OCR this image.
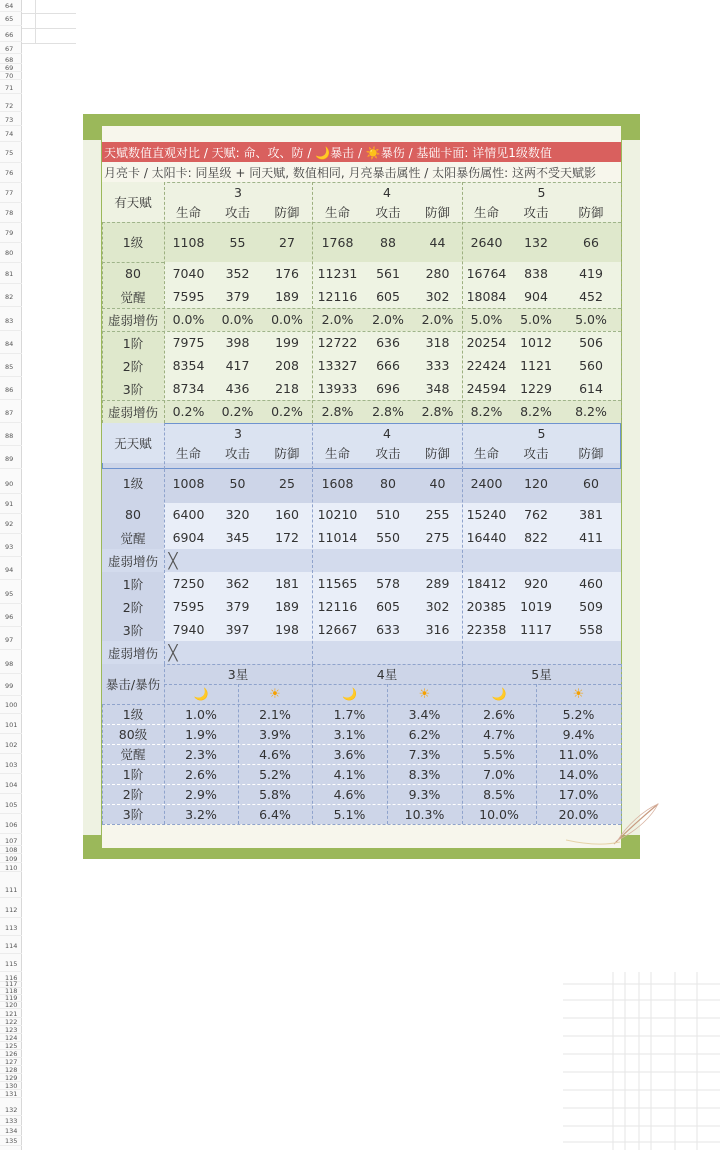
64
65
66
67
68
69
70
71
72
73
74
75
76
77
78
79
80
81
82
83
84
85
86
87
88
89
90
91
92
93
94
95
96
97
98
99
100
101
102
103
104
105
106
107
108
109
110
111
112
113
114
115
116
117
118
119
120
121
122
123
124
125
126
127
128
129
130
131
132
133
134
135
天赋数值直观对比 / 天赋: 命、攻、防 / 🌙暴击 / ☀️暴伤 / 基础卡面: 详情见1级数值
月亮卡 / 太阳卡: 同星级 + 同天赋, 数值相同, 月亮暴击属性 / 太阳暴伤属性: 这两不受天赋影
有天赋
3	4	5
生命	攻击	防御	生命	攻击	防御	生命	攻击	防御
1级	1108	55	27	1768	88	44	2640	132	66
80	7040	352	176	11231	561	280	16764	838	419
觉醒	7595	379	189	12116	605	302	18084	904	452
虚弱增伤	0.0%	0.0%	0.0%	2.0%	2.0%	2.0%	5.0%	5.0%	5.0%
1阶	7975	398	199	12722	636	318	20254	1012	506
2阶	8354	417	208	13327	666	333	22424	1121	560
3阶	8734	436	218	13933	696	348	24594	1229	614
虚弱增伤	0.2%	0.2%	0.2%	2.8%	2.8%	2.8%	8.2%	8.2%	8.2%
无天赋
3	4	5
生命	攻击	防御	生命	攻击	防御	生命	攻击	防御
1级	1008	50	25	1608	80	40	2400	120	60
80	6400	320	160	10210	510	255	15240	762	381
觉醒	6904	345	172	11014	550	275	16440	822	411
虚弱增伤 ╳
1阶	7250	362	181	11565	578	289	18412	920	460
2阶	7595	379	189	12116	605	302	20385	1019	509
3阶	7940	397	198	12667	633	316	22358	1117	558
虚弱增伤 ╳
暴击/暴伤
3星	4星	5星
🌙	☀	🌙	☀	🌙	☀
1级	1.0%	2.1%	1.7%	3.4%	2.6%	5.2%
80级	1.9%	3.9%	3.1%	6.2%	4.7%	9.4%
觉醒	2.3%	4.6%	3.6%	7.3%	5.5%	11.0%
1阶	2.6%	5.2%	4.1%	8.3%	7.0%	14.0%
2阶	2.9%	5.8%	4.6%	9.3%	8.5%	17.0%
3阶	3.2%	6.4%	5.1%	10.3%	10.0%	20.0%
